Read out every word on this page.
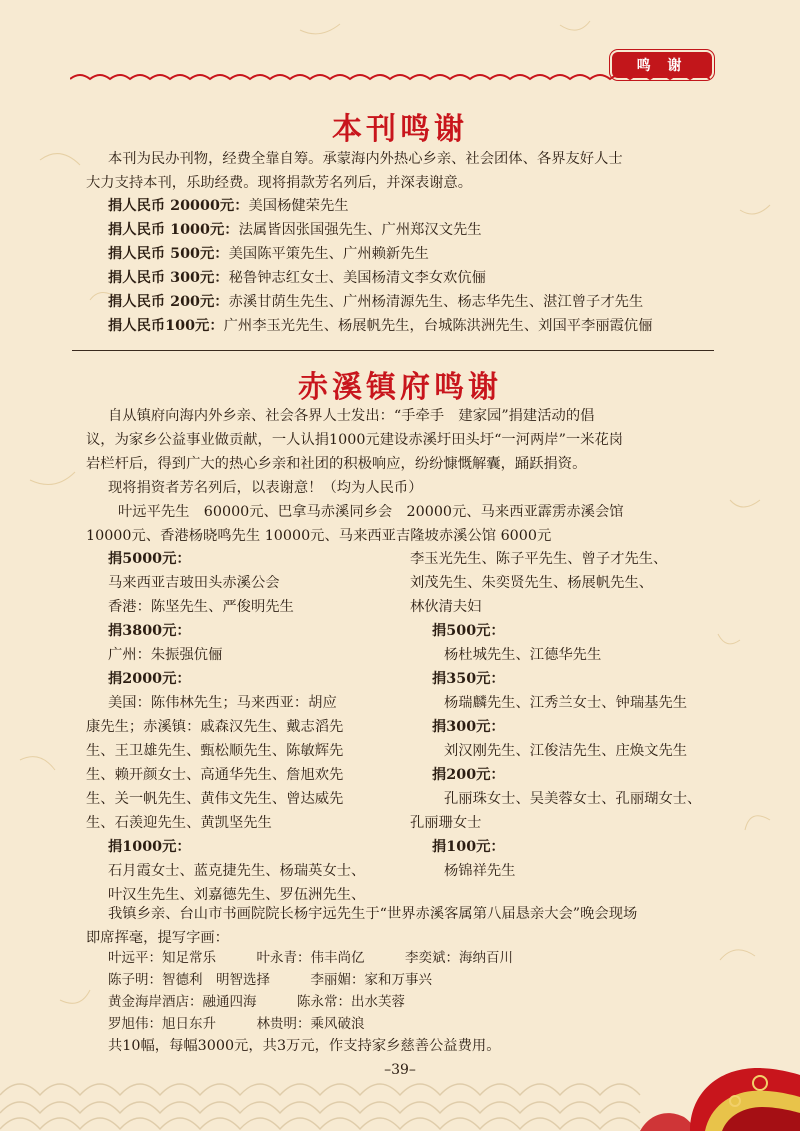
鸣 谢
本刊鸣谢
本刊为民办刊物，经费全靠自筹。承蒙海内外热心乡亲、社会团体、各界友好人士
大力支持本刊，乐助经费。现将捐款芳名列后，并深表谢意。
捐人民币 20000元：美国杨健荣先生
捐人民币 1000元：法属皆因张国强先生、广州郑汉文先生
捐人民币 500元：美国陈平策先生、广州赖新先生
捐人民币 300元：秘鲁钟志红女士、美国杨清文李女欢伉俪
捐人民币 200元：赤溪甘荫生先生、广州杨清源先生、杨志华先生、湛江曾子才先生
捐人民币100元：广州李玉光先生、杨展帆先生，台城陈洪洲先生、刘国平李丽霞伉俪
赤溪镇府鸣谢
自从镇府向海内外乡亲、社会各界人士发出：“手牵手　建家园”捐建活动的倡
议，为家乡公益事业做贡献，一人认捐1000元建设赤溪圩田头圩“一河两岸”一米花岗
岩栏杆后，得到广大的热心乡亲和社团的积极响应，纷纷慷慨解囊，踊跃捐资。
现将捐资者芳名列后，以表谢意！（均为人民币）
叶远平先生　60000元、巴拿马赤溪同乡会　20000元、马来西亚霹雳赤溪会馆
10000元、香港杨晓鸣先生 10000元、马来西亚吉隆坡赤溪公馆 6000元
捐5000元：
马来西亚吉玻田头赤溪公会
香港：陈坚先生、严俊明先生
捐3800元：
广州：朱振强伉俪
捐2000元：
美国：陈伟林先生；马来西亚：胡应
康先生；赤溪镇：戚森汉先生、戴志滔先
生、王卫雄先生、甄松顺先生、陈敏辉先
生、赖开颜女士、高通华先生、詹旭欢先
生、关一帆先生、黄伟文先生、曾达威先
生、石羡迎先生、黄凯坚先生
捐1000元：
石月霞女士、蓝克捷先生、杨瑞英女士、
叶汉生先生、刘嘉德先生、罗伍洲先生、
李玉光先生、陈子平先生、曾子才先生、
刘茂先生、朱奕贤先生、杨展帆先生、
林伙清夫妇
捐500元：
杨杜城先生、江德华先生
捐350元：
杨瑞麟先生、江秀兰女士、钟瑞基先生
捐300元：
刘汉刚先生、江俊洁先生、庄焕文先生
捐200元：
孔丽珠女士、吴美蓉女士、孔丽瑚女士、
孔丽珊女士
捐100元：
杨锦祥先生
我镇乡亲、台山市书画院院长杨宇远先生于“世界赤溪客属第八届恳亲大会”晚会现场
即席挥毫，提写字画：
叶远平：知足常乐　　　叶永青：伟丰尚亿　　　李奕斌：海纳百川
陈子明：智德利　明智选择　　　李丽媚：家和万事兴
黄金海岸酒店：融通四海　　　陈永常：出水芙蓉
罗旭伟：旭日东升　　　林贵明：乘风破浪
共10幅，每幅3000元，共3万元，作支持家乡慈善公益费用。
–39–
